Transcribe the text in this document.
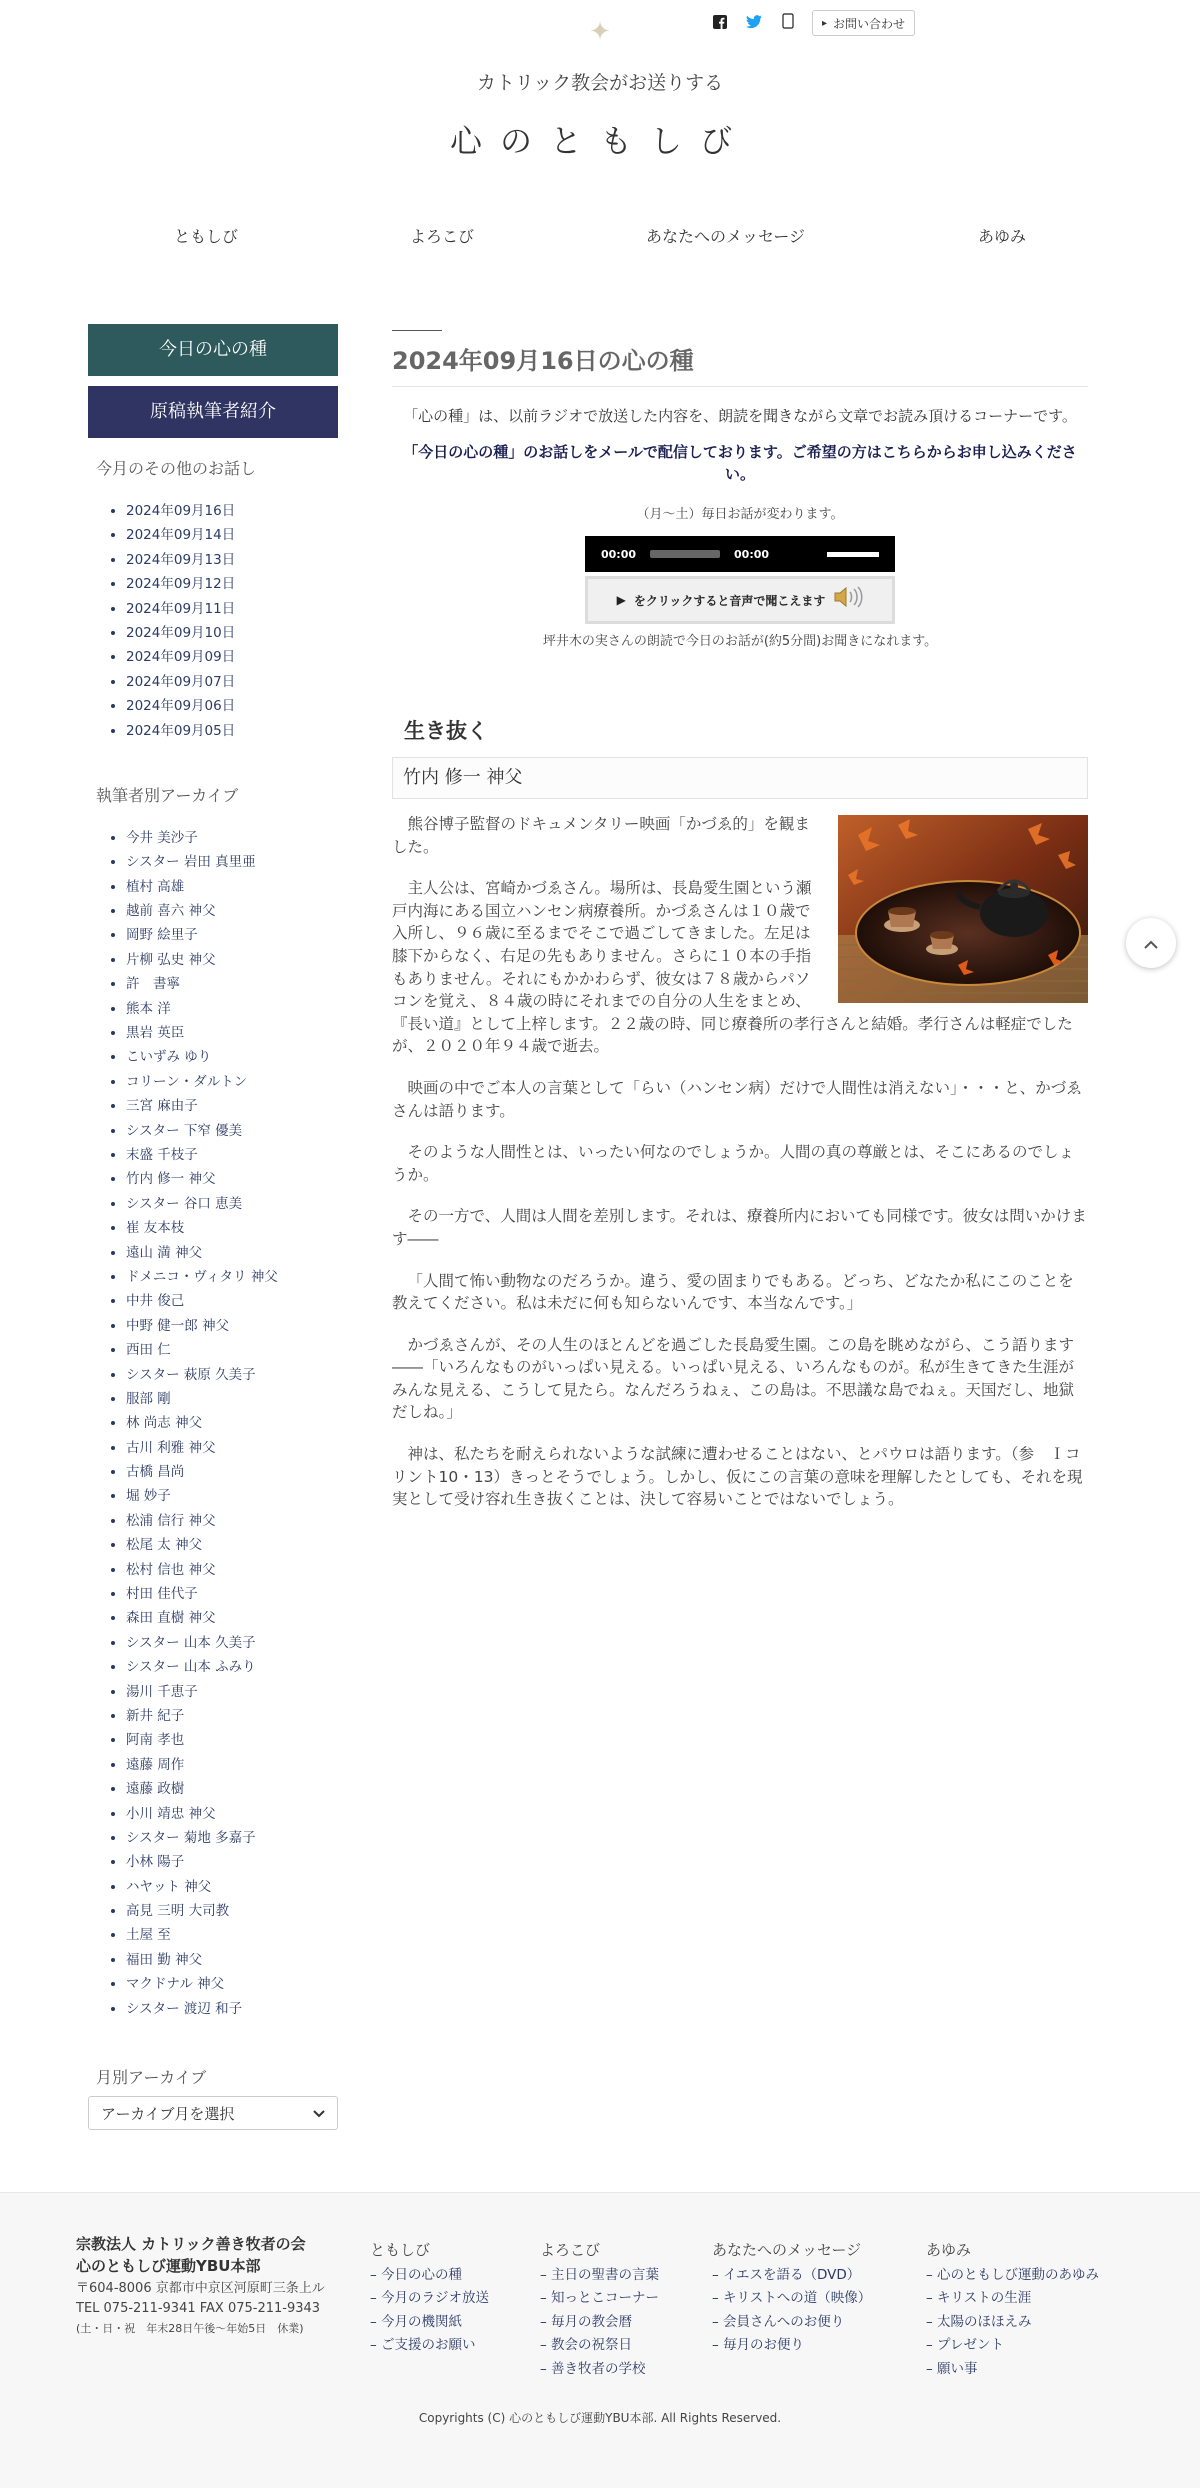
✦	▸ お問い合わせ
カトリック教会がお送りする
心のともしび
ともしび	よろこび	あなたへのメッセージ	あゆみ
今日の心の種
原稿執筆者紹介
今月のその他のお話し
• 2024年09月16日
• 2024年09月14日
• 2024年09月13日
• 2024年09月12日
• 2024年09月11日
• 2024年09月10日
• 2024年09月09日
• 2024年09月07日
• 2024年09月06日
• 2024年09月05日
執筆者別アーカイブ
• 今井 美沙子
• シスター 岩田 真里亜
• 植村 高雄
• 越前 喜六 神父
• 岡野 絵里子
• 片柳 弘史 神父
• 許　書寧
• 熊本 洋
• 黒岩 英臣
• こいずみ ゆり
• コリーン・ダルトン
• 三宮 麻由子
• シスター 下窄 優美
• 末盛 千枝子
• 竹内 修一 神父
• シスター 谷口 恵美
• 崔 友本枝
• 遠山 満 神父
• ドメニコ・ヴィタリ 神父
• 中井 俊己
• 中野 健一郎 神父
• 西田 仁
• シスター 萩原 久美子
• 服部 剛
• 林 尚志 神父
• 古川 利雅 神父
• 古橋 昌尚
• 堀 妙子
• 松浦 信行 神父
• 松尾 太 神父
• 松村 信也 神父
• 村田 佳代子
• 森田 直樹 神父
• シスター 山本 久美子
• シスター 山本 ふみり
• 湯川 千恵子
• 新井 紀子
• 阿南 孝也
• 遠藤 周作
• 遠藤 政樹
• 小川 靖忠 神父
• シスター 菊地 多嘉子
• 小林 陽子
• ハヤット 神父
• 高見 三明 大司教
• 土屋 至
• 福田 勤 神父
• マクドナル 神父
• シスター 渡辺 和子
月別アーカイブ
アーカイブ月を選択
2024年09月16日の心の種

「心の種」は、以前ラジオで放送した内容を、朗読を聞きながら文章でお読み頂けるコーナーです。

「今日の心の種」のお話しをメールで配信しております。ご希望の方はこちらからお申し込みください。

（月〜土）毎日お話が変わります。

00:00	00:00
▶ をクリックすると音声で聞こえます

坪井木の実さんの朗読で今日のお話が(約5分間)お聞きになれます。

生き抜く
竹内 修一 神父

熊谷博子監督のドキュメンタリー映画「かづゑ的」を観ました。

主人公は、宮崎かづゑさん。場所は、長島愛生園という瀬戸内海にある国立ハンセン病療養所。かづゑさんは１０歳で入所し、９６歳に至るまでそこで過ごしてきました。左足は膝下からなく、右足の先もありません。さらに１０本の手指もありません。それにもかかわらず、彼女は７８歳からパソコンを覚え、８４歳の時にそれまでの自分の人生をまとめ、『長い道』として上梓します。２２歳の時、同じ療養所の孝行さんと結婚。孝行さんは軽症でしたが、２０２０年９４歳で逝去。

映画の中でご本人の言葉として「らい（ハンセン病）だけで人間性は消えない」・・・と、かづゑさんは語ります。

そのような人間性とは、いったい何なのでしょうか。人間の真の尊厳とは、そこにあるのでしょうか。

その一方で、人間は人間を差別します。それは、療養所内においても同様です。彼女は問いかけます――

「人間て怖い動物なのだろうか。違う、愛の固まりでもある。どっち、どなたか私にこのことを教えてください。私は未だに何も知らないんです、本当なんです。」

かづゑさんが、その人生のほとんどを過ごした長島愛生園。この島を眺めながら、こう語ります――「いろんなものがいっぱい見える。いっぱい見える、いろんなものが。私が生きてきた生涯がみんな見える、こうして見たら。なんだろうねぇ、この島は。不思議な島でねぇ。天国だし、地獄だしね。」

神は、私たちを耐えられないような試練に遭わせることはない、とパウロは語ります。（参　Ｉコリント10・13）きっとそうでしょう。しかし、仮にこの言葉の意味を理解したとしても、それを現実として受け容れ生き抜くことは、決して容易いことではないでしょう。

宗教法人 カトリック善き牧者の会
心のともしび運動YBU本部
〒604-8006 京都市中京区河原町三条上ル
TEL 075-211-9341 FAX 075-211-9343
(土・日・祝　年末28日午後〜年始5日　休業)
ともしび
– 今日の心の種
– 今月のラジオ放送
– 今月の機関紙
– ご支援のお願い
よろこび
– 主日の聖書の言葉
– 知っとこコーナー
– 毎月の教会暦
– 教会の祝祭日
– 善き牧者の学校
あなたへのメッセージ
– イエスを語る（DVD）
– キリストへの道（映像）
– 会員さんへのお便り
– 毎月のお便り
あゆみ
– 心のともしび運動のあゆみ
– キリストの生涯
– 太陽のほほえみ
– プレゼント
– 願い事
Copyrights (C) 心のともしび運動YBU本部. All Rights Reserved.
